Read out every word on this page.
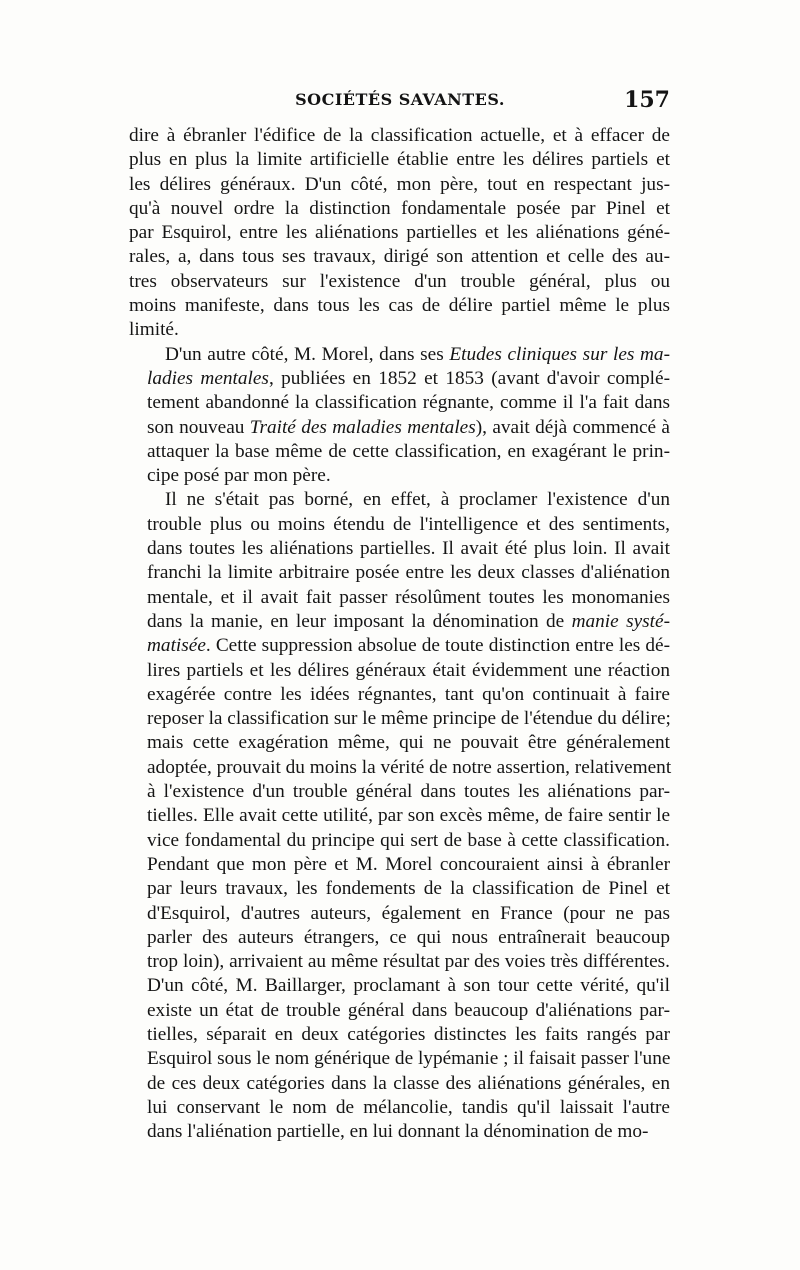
SOCIÉTÉS SAVANTES.	157

dire à ébranler l'édifice de la classification actuelle, et à effacer de
plus en plus la limite artificielle établie entre les délires partiels et
les délires généraux. D'un côté, mon père, tout en respectant jus-
qu'à nouvel ordre la distinction fondamentale posée par Pinel et
par Esquirol, entre les aliénations partielles et les aliénations géné-
rales, a, dans tous ses travaux, dirigé son attention et celle des au-
tres observateurs sur l'existence d'un trouble général, plus ou
moins manifeste, dans tous les cas de délire partiel même le plus
limité.

D'un autre côté, M. Morel, dans ses Etudes cliniques sur les ma-
ladies mentales, publiées en 1852 et 1853 (avant d'avoir complé-
tement abandonné la classification régnante, comme il l'a fait dans
son nouveau Traité des maladies mentales), avait déjà commencé à
attaquer la base même de cette classification, en exagérant le prin-
cipe posé par mon père.

Il ne s'était pas borné, en effet, à proclamer l'existence d'un
trouble plus ou moins étendu de l'intelligence et des sentiments,
dans toutes les aliénations partielles. Il avait été plus loin. Il avait
franchi la limite arbitraire posée entre les deux classes d'aliénation
mentale, et il avait fait passer résolûment toutes les monomanies
dans la manie, en leur imposant la dénomination de manie systé-
matisée. Cette suppression absolue de toute distinction entre les dé-
lires partiels et les délires généraux était évidemment une réaction
exagérée contre les idées régnantes, tant qu'on continuait à faire
reposer la classification sur le même principe de l'étendue du délire;
mais cette exagération même, qui ne pouvait être généralement
adoptée, prouvait du moins la vérité de notre assertion, relativement
à l'existence d'un trouble général dans toutes les aliénations par-
tielles. Elle avait cette utilité, par son excès même, de faire sentir le
vice fondamental du principe qui sert de base à cette classification.
Pendant que mon père et M. Morel concouraient ainsi à ébranler
par leurs travaux, les fondements de la classification de Pinel et
d'Esquirol, d'autres auteurs, également en France (pour ne pas
parler des auteurs étrangers, ce qui nous entraînerait beaucoup
trop loin), arrivaient au même résultat par des voies très différentes.
D'un côté, M. Baillarger, proclamant à son tour cette vérité, qu'il
existe un état de trouble général dans beaucoup d'aliénations par-
tielles, séparait en deux catégories distinctes les faits rangés par
Esquirol sous le nom générique de lypémanie ; il faisait passer l'une
de ces deux catégories dans la classe des aliénations générales, en
lui conservant le nom de mélancolie, tandis qu'il laissait l'autre
dans l'aliénation partielle, en lui donnant la dénomination de mo-
